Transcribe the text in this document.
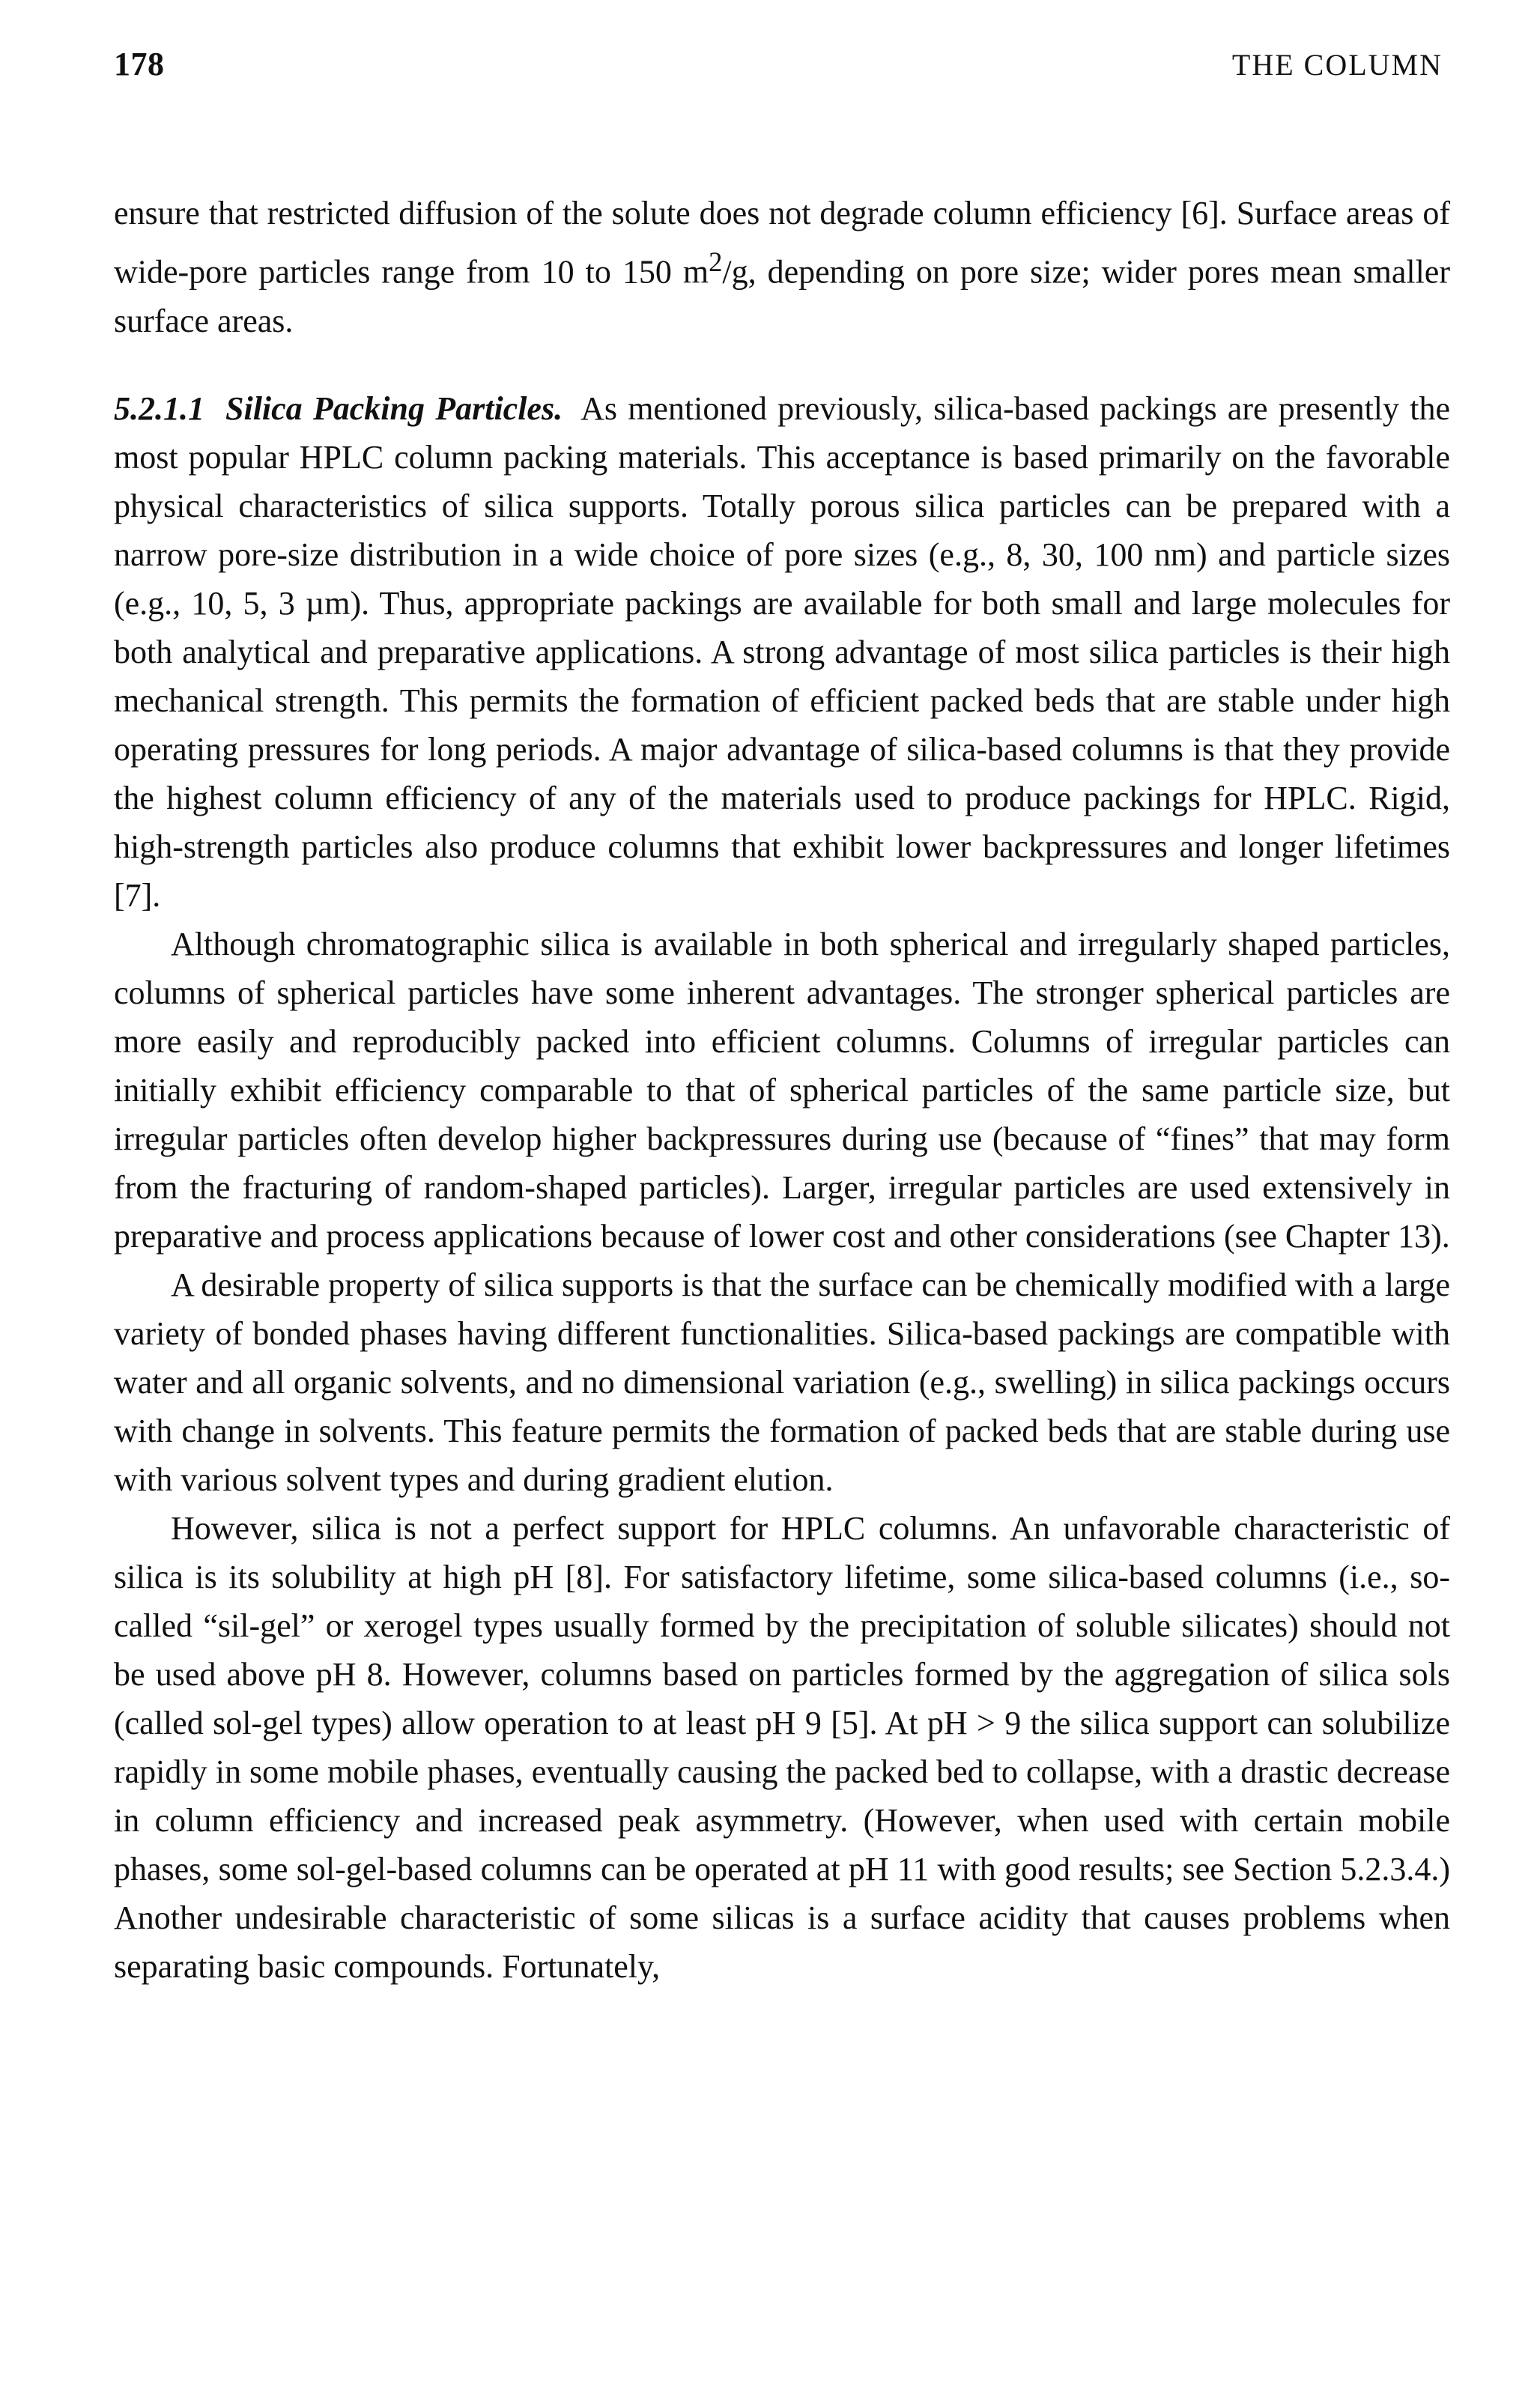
178	THE COLUMN

ensure that restricted diffusion of the solute does not degrade column efficiency [6]. Surface areas of wide-pore particles range from 10 to 150 $m^2/g$, depending on pore size; wider pores mean smaller surface areas.

5.2.1.1 Silica Packing Particles. As mentioned previously, silica-based packings are presently the most popular HPLC column packing materials. This acceptance is based primarily on the favorable physical characteristics of silica supports. Totally porous silica particles can be prepared with a narrow pore-size distribution in a wide choice of pore sizes (e.g., 8, 30, 100 nm) and particle sizes (e.g., 10, 5, 3 µm). Thus, appropriate packings are available for both small and large molecules for both analytical and preparative applications. A strong advantage of most silica particles is their high mechanical strength. This permits the formation of efficient packed beds that are stable under high operating pressures for long periods. A major advantage of silica-based columns is that they provide the highest column efficiency of any of the materials used to produce packings for HPLC. Rigid, high-strength particles also produce columns that exhibit lower backpressures and longer lifetimes [7].

Although chromatographic silica is available in both spherical and irregularly shaped particles, columns of spherical particles have some inherent advantages. The stronger spherical particles are more easily and reproducibly packed into efficient columns. Columns of irregular particles can initially exhibit efficiency comparable to that of spherical particles of the same particle size, but irregular particles often develop higher backpressures during use (because of “fines” that may form from the fracturing of random-shaped particles). Larger, irregular particles are used extensively in preparative and process applications because of lower cost and other considerations (see Chapter 13).

A desirable property of silica supports is that the surface can be chemically modified with a large variety of bonded phases having different functionalities. Silica-based packings are compatible with water and all organic solvents, and no dimensional variation (e.g., swelling) in silica packings occurs with change in solvents. This feature permits the formation of packed beds that are stable during use with various solvent types and during gradient elution.

However, silica is not a perfect support for HPLC columns. An unfavorable characteristic of silica is its solubility at high pH [8]. For satisfactory lifetime, some silica-based columns (i.e., so-called “sil-gel” or xerogel types usually formed by the precipitation of soluble silicates) should not be used above pH 8. However, columns based on particles formed by the aggregation of silica sols (called sol-gel types) allow operation to at least pH 9 [5]. At pH > 9 the silica support can solubilize rapidly in some mobile phases, eventually causing the packed bed to collapse, with a drastic decrease in column efficiency and increased peak asymmetry. (However, when used with certain mobile phases, some sol-gel-based columns can be operated at pH 11 with good results; see Section 5.2.3.4.) Another undesirable characteristic of some silicas is a surface acidity that causes problems when separating basic compounds. Fortunately,
